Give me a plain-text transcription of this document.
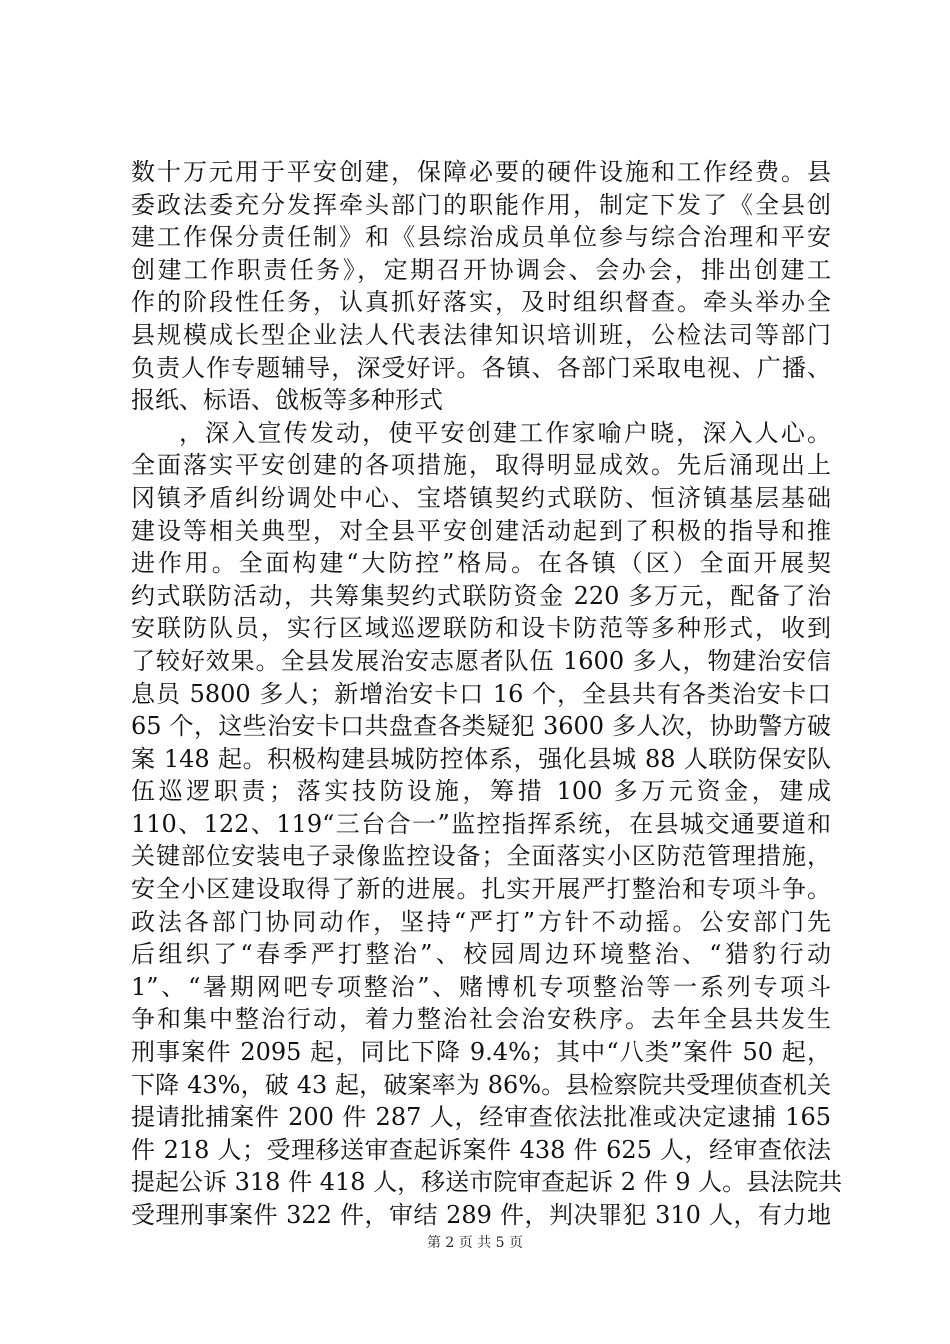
数十万元用于平安创建，保障必要的硬件设施和工作经费。县
委政法委充分发挥牵头部门的职能作用，制定下发了《全县创
建工作保分责任制》和《县综治成员单位参与综合治理和平安
创建工作职责任务》，定期召开协调会、会办会，排出创建工
作的阶段性任务，认真抓好落实，及时组织督查。牵头举办全
县规模成长型企业法人代表法律知识培训班，公检法司等部门
负责人作专题辅导，深受好评。各镇、各部门采取电视、广播、
报纸、标语、戗板等多种形式
，深入宣传发动，使平安创建工作家喻户晓，深入人心。
全面落实平安创建的各项措施，取得明显成效。先后涌现出上
冈镇矛盾纠纷调处中心、宝塔镇契约式联防、恒济镇基层基础
建设等相关典型，对全县平安创建活动起到了积极的指导和推
进作用。全面构建“大防控”格局。在各镇（区）全面开展契
约式联防活动，共筹集契约式联防资金 220 多万元，配备了治
安联防队员，实行区域巡逻联防和设卡防范等多种形式，收到
了较好效果。全县发展治安志愿者队伍 1600 多人，物建治安信
息员 5800 多人；新增治安卡口 16 个，全县共有各类治安卡口
65 个，这些治安卡口共盘查各类疑犯 3600 多人次，协助警方破
案 148 起。积极构建县城防控体系，强化县城 88 人联防保安队
伍巡逻职责；落实技防设施，筹措 100 多万元资金，建成
110、122、119“三台合一”监控指挥系统，在县城交通要道和
关键部位安装电子录像监控设备；全面落实小区防范管理措施，
安全小区建设取得了新的进展。扎实开展严打整治和专项斗争。
政法各部门协同动作，坚持“严打”方针不动摇。公安部门先
后组织了“春季严打整治”、校园周边环境整治、“猎豹行动
1”、“暑期网吧专项整治”、赌博机专项整治等一系列专项斗
争和集中整治行动，着力整治社会治安秩序。去年全县共发生
刑事案件 2095 起，同比下降 9.4%；其中“八类”案件 50 起，
下降 43%，破 43 起，破案率为 86%。县检察院共受理侦查机关
提请批捕案件 200 件 287 人，经审查依法批准或决定逮捕 165
件 218 人；受理移送审查起诉案件 438 件 625 人，经审查依法
提起公诉 318 件 418 人，移送市院审查起诉 2 件 9 人。县法院共
受理刑事案件 322 件，审结 289 件，判决罪犯 310 人，有力地
第 2 页 共 5 页
